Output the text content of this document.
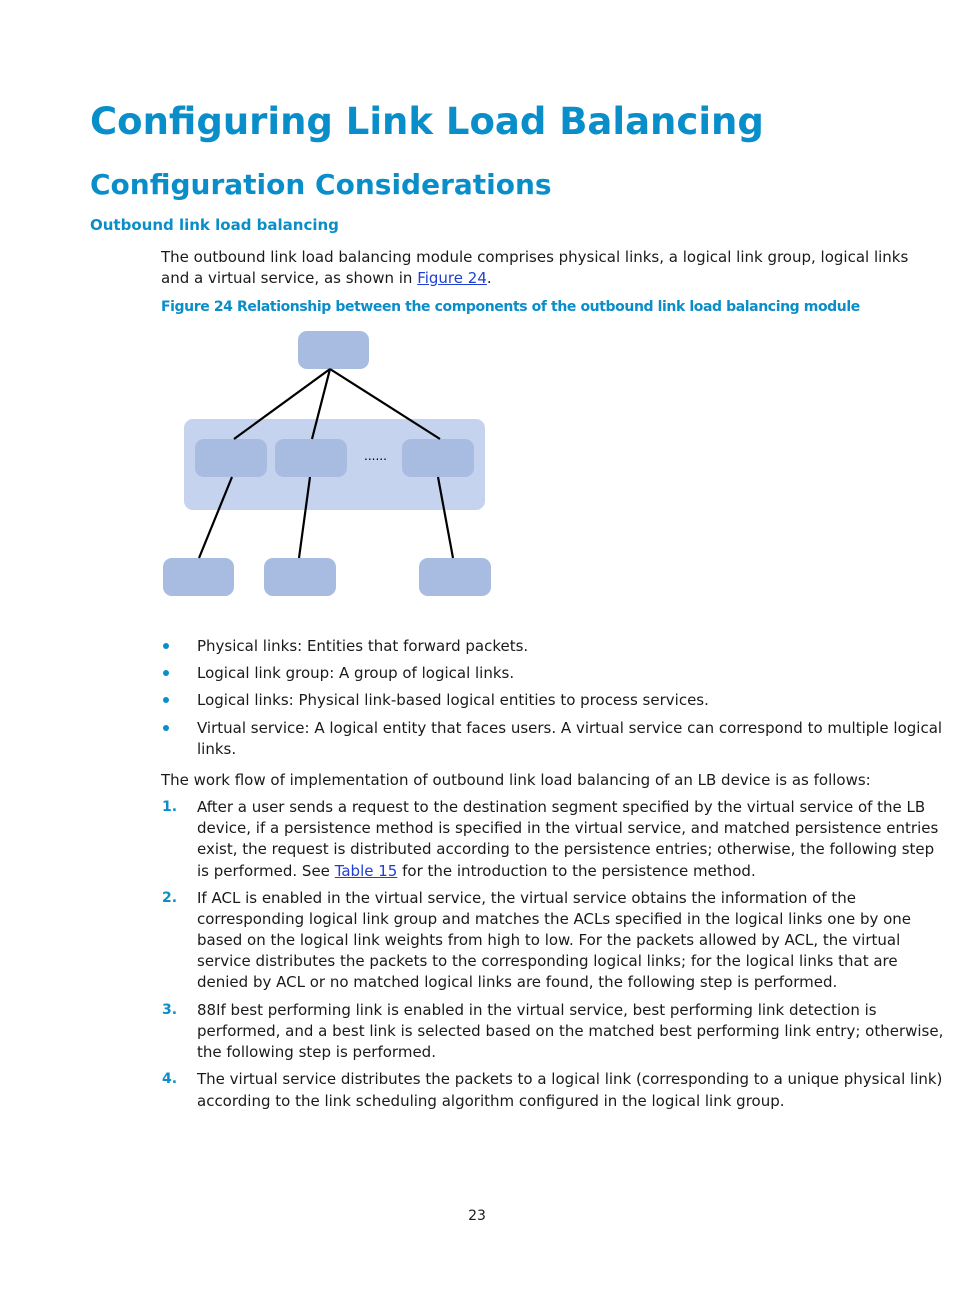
Configuring Link Load Balancing
Configuration Considerations
Outbound link load balancing
The outbound link load balancing module comprises physical links, a logical link group, logical links
and a virtual service, as shown in Figure 24.
Figure 24 Relationship between the components of the outbound link load balancing module
......
Physical links: Entities that forward packets.
Logical link group: A group of logical links.
Logical links: Physical link-based logical entities to process services.
Virtual service: A logical entity that faces users. A virtual service can correspond to multiple logical
links.
The work flow of implementation of outbound link load balancing of an LB device is as follows:
1. After a user sends a request to the destination segment specified by the virtual service of the LB
device, if a persistence method is specified in the virtual service, and matched persistence entries
exist, the request is distributed according to the persistence entries; otherwise, the following step
is performed. See Table 15 for the introduction to the persistence method.
2. If ACL is enabled in the virtual service, the virtual service obtains the information of the
corresponding logical link group and matches the ACLs specified in the logical links one by one
based on the logical link weights from high to low. For the packets allowed by ACL, the virtual
service distributes the packets to the corresponding logical links; for the logical links that are
denied by ACL or no matched logical links are found, the following step is performed.
3. 88If best performing link is enabled in the virtual service, best performing link detection is
performed, and a best link is selected based on the matched best performing link entry; otherwise,
the following step is performed.
4. The virtual service distributes the packets to a logical link (corresponding to a unique physical link)
according to the link scheduling algorithm configured in the logical link group.
23
